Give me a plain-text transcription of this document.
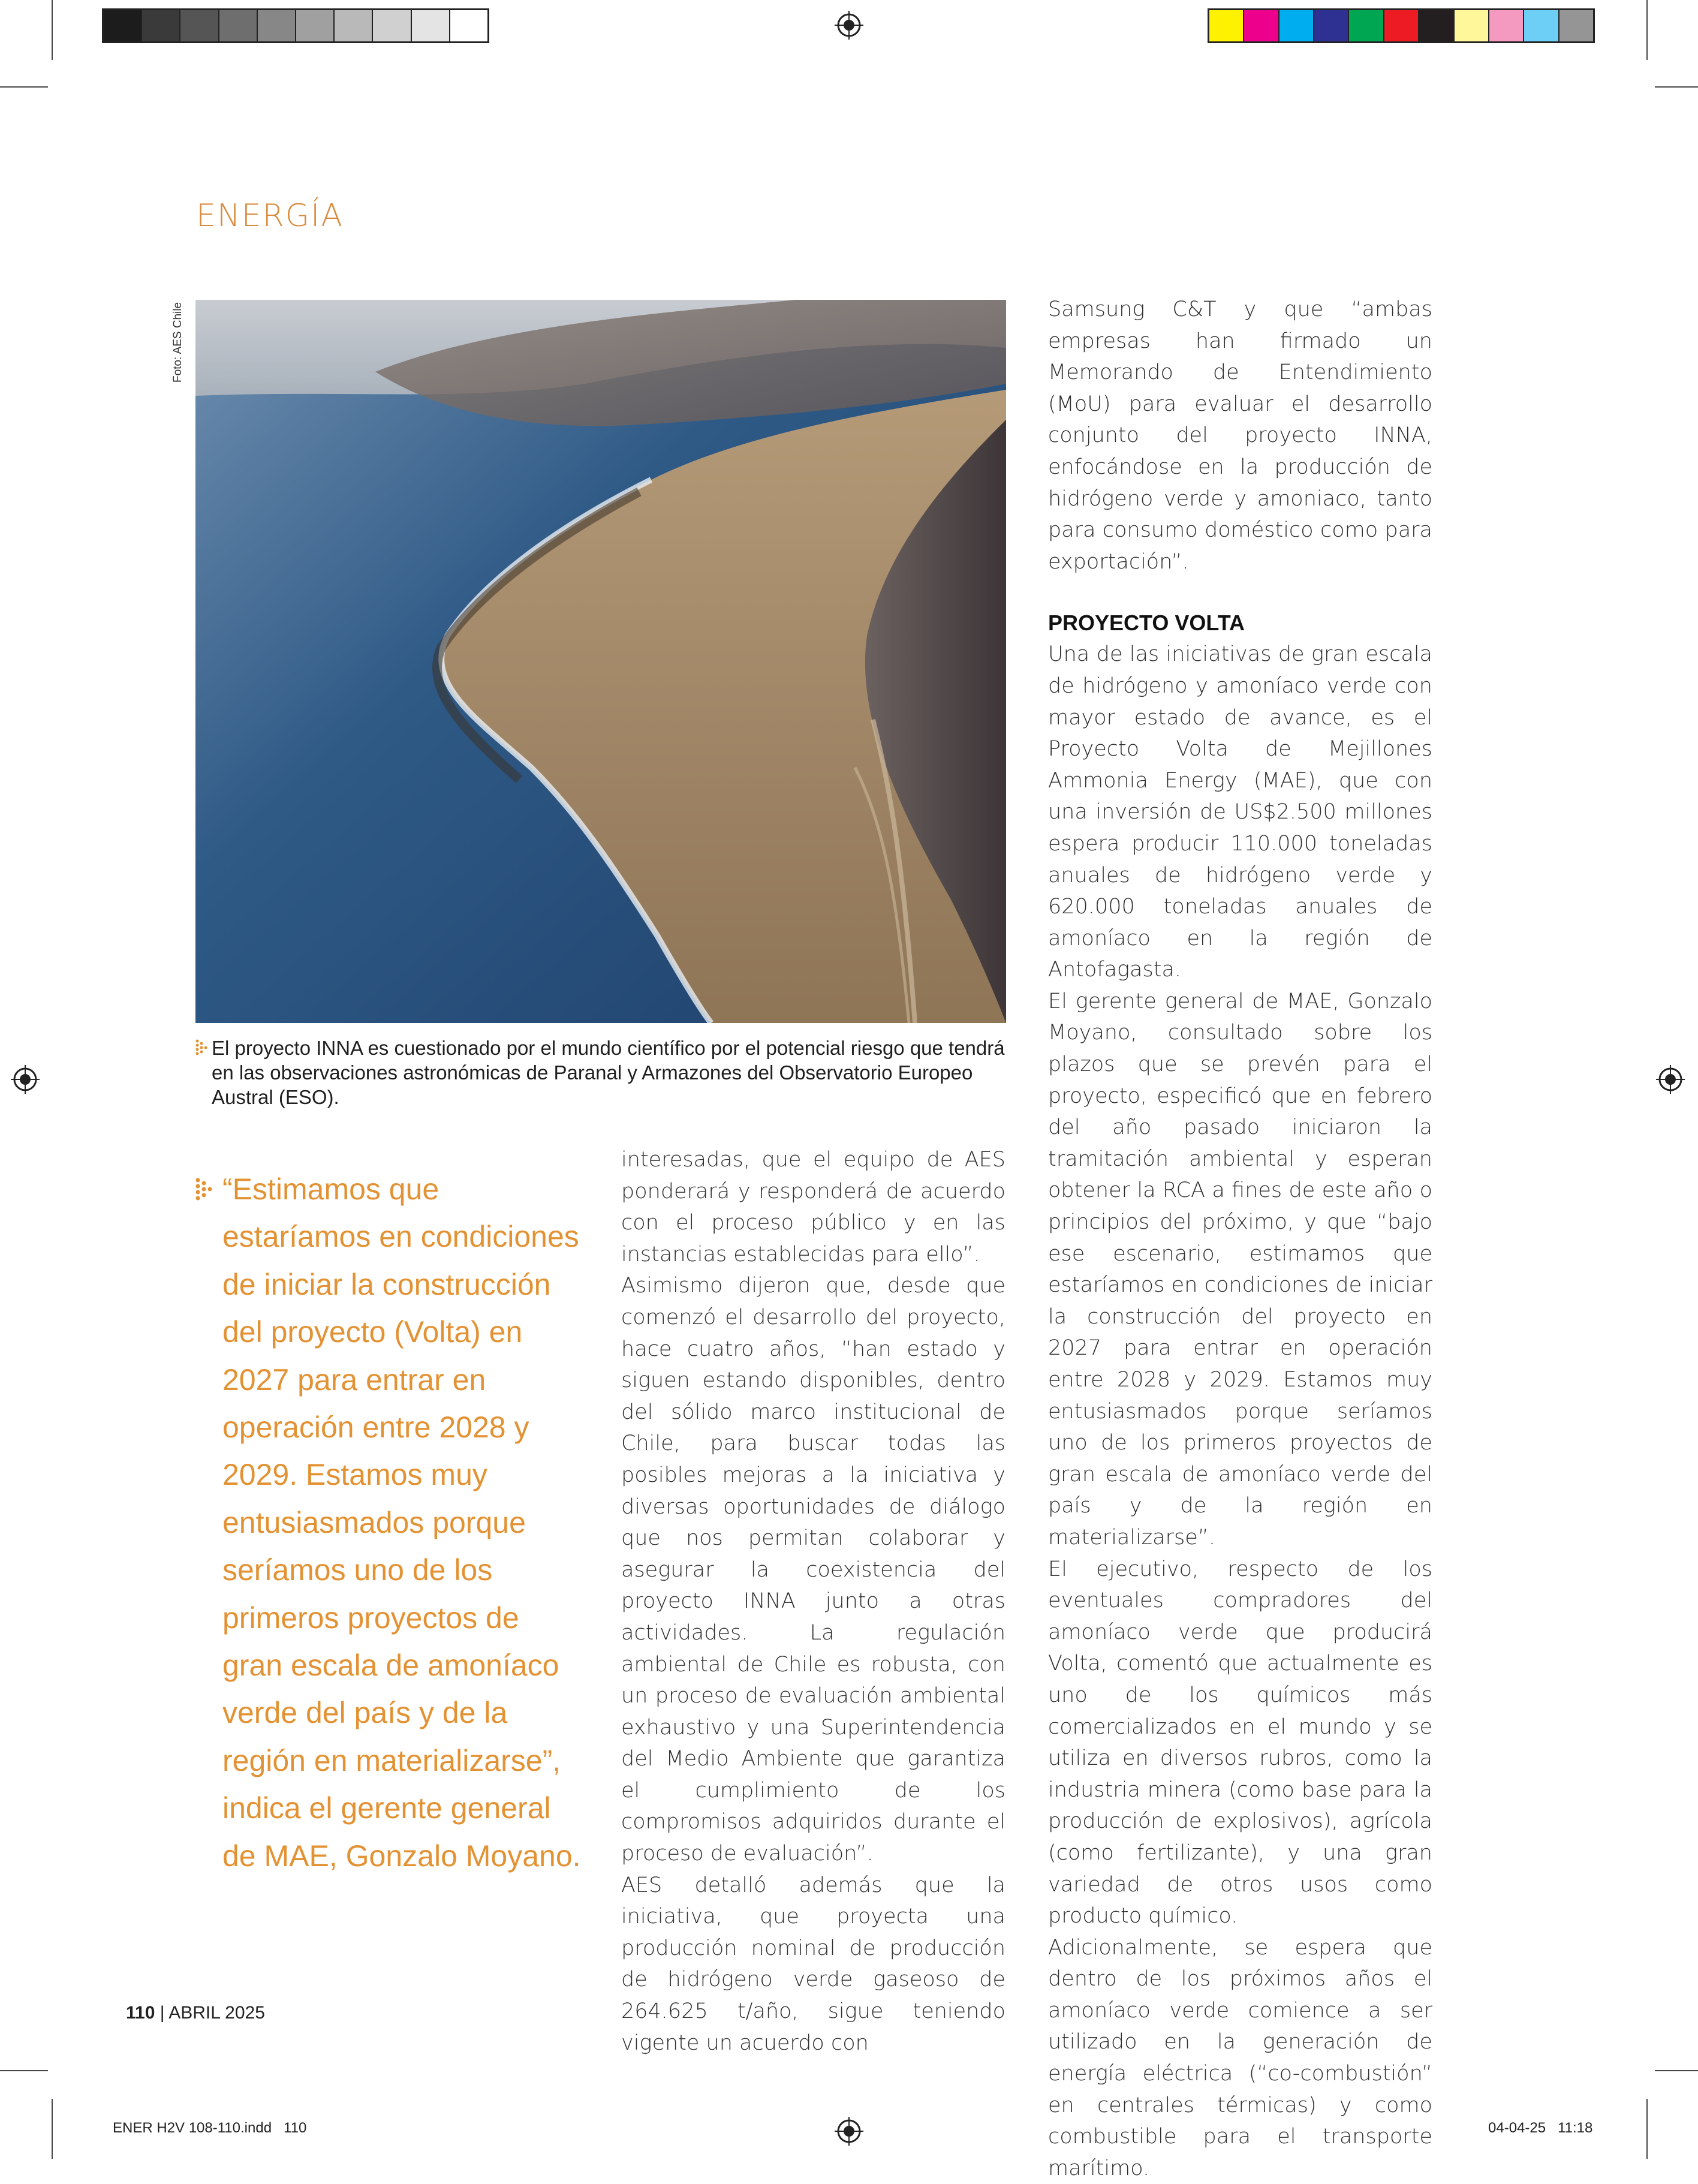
ENERGÍA
Foto: AES Chile
El proyecto INNA es cuestionado por el mundo científico por el potencial riesgo que tendrá en las observaciones astronómicas de Paranal y Armazones del Observatorio Europeo Austral (ESO).
“Estimamos que estaríamos en condiciones de iniciar la construcción del proyecto (Volta) en 2027 para entrar en operación entre 2028 y 2029. Estamos muy entusiasmados porque seríamos uno de los primeros proyectos de gran escala de amoníaco verde del país y de la región en materializarse”, indica el gerente general de MAE, Gonzalo Moyano.

interesadas, que el equipo de AES ponderará y responderá de acuerdo con el proceso público y en las instancias establecidas para ello”.

Asimismo dijeron que, desde que comenzó el desarrollo del proyecto, hace cuatro años, “han estado y siguen estando disponibles, dentro del sólido marco institucional de Chile, para buscar todas las posibles mejoras a la iniciativa y diversas oportunidades de diálogo que nos permitan colaborar y asegurar la coexistencia del proyecto INNA junto a otras actividades. La regulación ambiental de Chile es robusta, con un proceso de evaluación ambiental exhaustivo y una Superintendencia del Medio Ambiente que garantiza el cumplimiento de los compromisos adquiridos durante el proceso de evaluación”.

AES detalló además que la iniciativa, que proyecta una producción nominal de producción de hidrógeno verde gaseoso de 264.625 t/año, sigue teniendo vigente un acuerdo con

Samsung C&T y que “ambas empresas han firmado un Memorando de Entendimiento (MoU) para evaluar el desarrollo conjunto del proyecto INNA, enfocándose en la producción de hidrógeno verde y amoniaco, tanto para consumo doméstico como para exportación”.

PROYECTO VOLTA

Una de las iniciativas de gran escala de hidrógeno y amoníaco verde con mayor estado de avance, es el Proyecto Volta de Mejillones Ammonia Energy (MAE), que con una inversión de US$2.500 millones espera producir 110.000 toneladas anuales de hidrógeno verde y 620.000 toneladas anuales de amoníaco en la región de Antofagasta.

El gerente general de MAE, Gonzalo Moyano, consultado sobre los plazos que se prevén para el proyecto, especificó que en febrero del año pasado iniciaron la tramitación ambiental y esperan obtener la RCA a fines de este año o principios del próximo, y que “bajo ese escenario, estimamos que estaríamos en condiciones de iniciar la construcción del proyecto en 2027 para entrar en operación entre 2028 y 2029. Estamos muy entusiasmados porque seríamos uno de los primeros proyectos de gran escala de amoníaco verde del país y de la región en materializarse”.

El ejecutivo, respecto de los eventuales compradores del amoníaco verde que producirá Volta, comentó que actualmente es uno de los químicos más comercializados en el mundo y se utiliza en diversos rubros, como la industria minera (como base para la producción de explosivos), agrícola (como fertilizante), y una gran variedad de otros usos como producto químico.

Adicionalmente, se espera que dentro de los próximos años el amoníaco verde comience a ser utilizado en la generación de energía eléctrica (“co-combustión” en centrales térmicas) y como combustible para el transporte marítimo.

110 | ABRIL 2025
ENER H2V 108-110.indd   110	04-04-25   11:18
